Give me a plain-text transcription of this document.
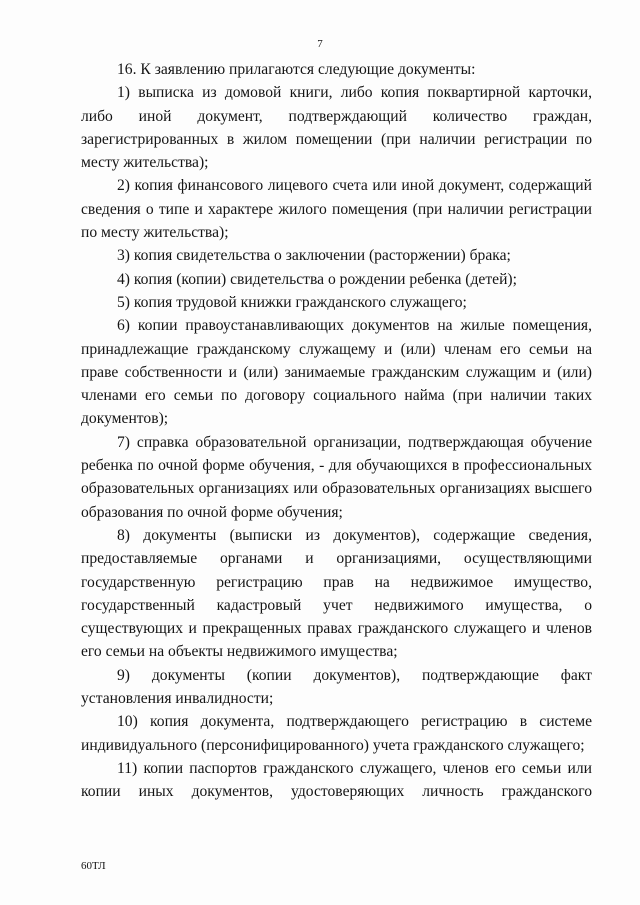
7

16. К заявлению прилагаются следующие документы:

1) выписка из домовой книги, либо копия поквартирной карточки, либо иной документ, подтверждающий количество граждан, зарегистрированных в жилом помещении (при наличии регистрации по месту жительства);

2) копия финансового лицевого счета или иной документ, содержащий сведения о типе и характере жилого помещения (при наличии регистрации по месту жительства);

3) копия свидетельства о заключении (расторжении) брака;

4) копия (копии) свидетельства о рождении ребенка (детей);

5) копия трудовой книжки гражданского служащего;

6) копии правоустанавливающих документов на жилые помещения, принадлежащие гражданскому служащему и (или) членам его семьи на праве собственности и (или) занимаемые гражданским служащим и (или) членами его семьи по договору социального найма (при наличии таких документов);

7) справка образовательной организации, подтверждающая обучение ребенка по очной форме обучения, - для обучающихся в профессиональных образовательных организациях или образовательных организациях высшего образования по очной форме обучения;

8) документы (выписки из документов), содержащие сведения, предоставляемые органами и организациями, осуществляющими государственную регистрацию прав на недвижимое имущество, государственный кадастровый учет недвижимого имущества, о существующих и прекращенных правах гражданского служащего и членов его семьи на объекты недвижимого имущества;

9) документы (копии документов), подтверждающие факт установления инвалидности;

10) копия документа, подтверждающего регистрацию в системе индивидуального (персонифицированного) учета гражданского служащего;

11) копии паспортов гражданского служащего, членов его семьи или копии иных документов, удостоверяющих личность гражданского

60ТЛ
